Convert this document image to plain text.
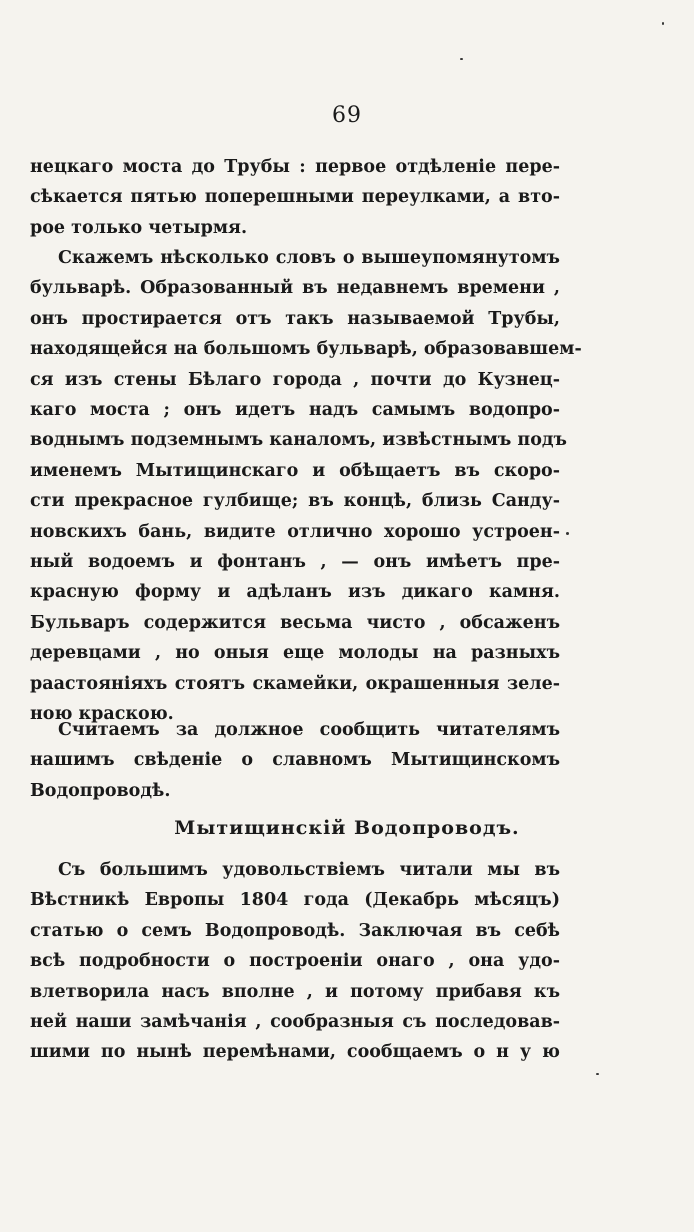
69
нецкаго моста до Трубы : первое отдѣленіе пере-
сѣкается пятью поперешными переулками, а вто-
рое только четырмя.
Скажемъ нѣсколько словъ о вышеупомянутомъ
бульварѣ. Образованный въ недавнемъ времени ,
онъ простирается отъ такъ называемой Трубы,
находящейся на большомъ бульварѣ, образовавшем-
ся изъ стены Бѣлаго города , почти до Кузнец-
каго моста ; онъ идетъ надъ самымъ водопро-
воднымъ подземнымъ каналомъ, извѣстнымъ подъ
именемъ Мытищинскаго и обѣщаетъ въ скоро-
сти прекрасное гулбище; въ концѣ, близь Санду-
новскихъ бань, видите отлично хорошо устроен-
ный водоемъ и фонтанъ , — онъ имѣетъ пре-
красную форму и адѣланъ изъ дикаго камня.
Бульваръ содержится весьма чисто , обсаженъ
деревцами , но оныя еще молоды на разныхъ
раастояніяхъ стоятъ скамейки, окрашенныя зеле-
ною краскою.
Считаемъ за должное сообщить читателямъ
нашимъ свѣденіе о славномъ Мытищинскомъ
Водопроводѣ.
Мытищинскій Водопроводъ.
Съ большимъ удовольствіемъ читали мы въ
Вѣстникѣ Европы 1804 года (Декабрь мѣсяцъ)
статью о семъ Водопроводѣ. Заключая въ себѣ
всѣ подробности о построеніи онаго , она удо-
влетворила насъ вполне , и потому прибавя къ
ней наши замѣчанія , сообразныя съ последовав-
шими по нынѣ перемѣнами, сообщаемъ о н у ю
